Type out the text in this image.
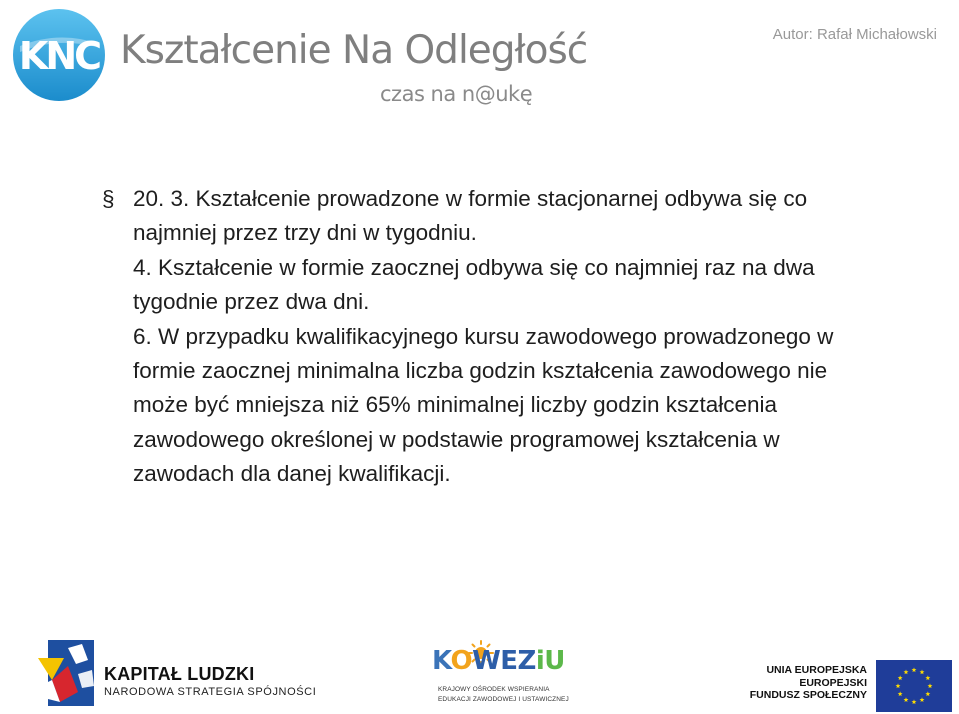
KNC Kształcenie Na Odległość
czas na n@ukę
Autor: Rafał Michałowski

§ 20. 3. Kształcenie prowadzone w formie stacjonarnej odbywa się co najmniej przez trzy dni w tygodniu.

4. Kształcenie w formie zaocznej odbywa się co najmniej raz na dwa tygodnie przez dwa dni.

6. W przypadku kwalifikacyjnego kursu zawodowego prowadzonego w formie zaocznej minimalna liczba godzin kształcenia zawodowego nie może być mniejsza niż 65% minimalnej liczby godzin kształcenia zawodowego określonej w podstawie programowej kształcenia w zawodach dla danej kwalifikacji.

KAPITAŁ LUDZKI
NARODOWA STRATEGIA SPÓJNOŚCI
KOWEZiU
KRAJOWY OŚRODEK WSPIERANIA
EDUKACJI ZAWODOWEJ I USTAWICZNEJ
UNIA EUROPEJSKA
EUROPEJSKI
FUNDUSZ SPOŁECZNY
